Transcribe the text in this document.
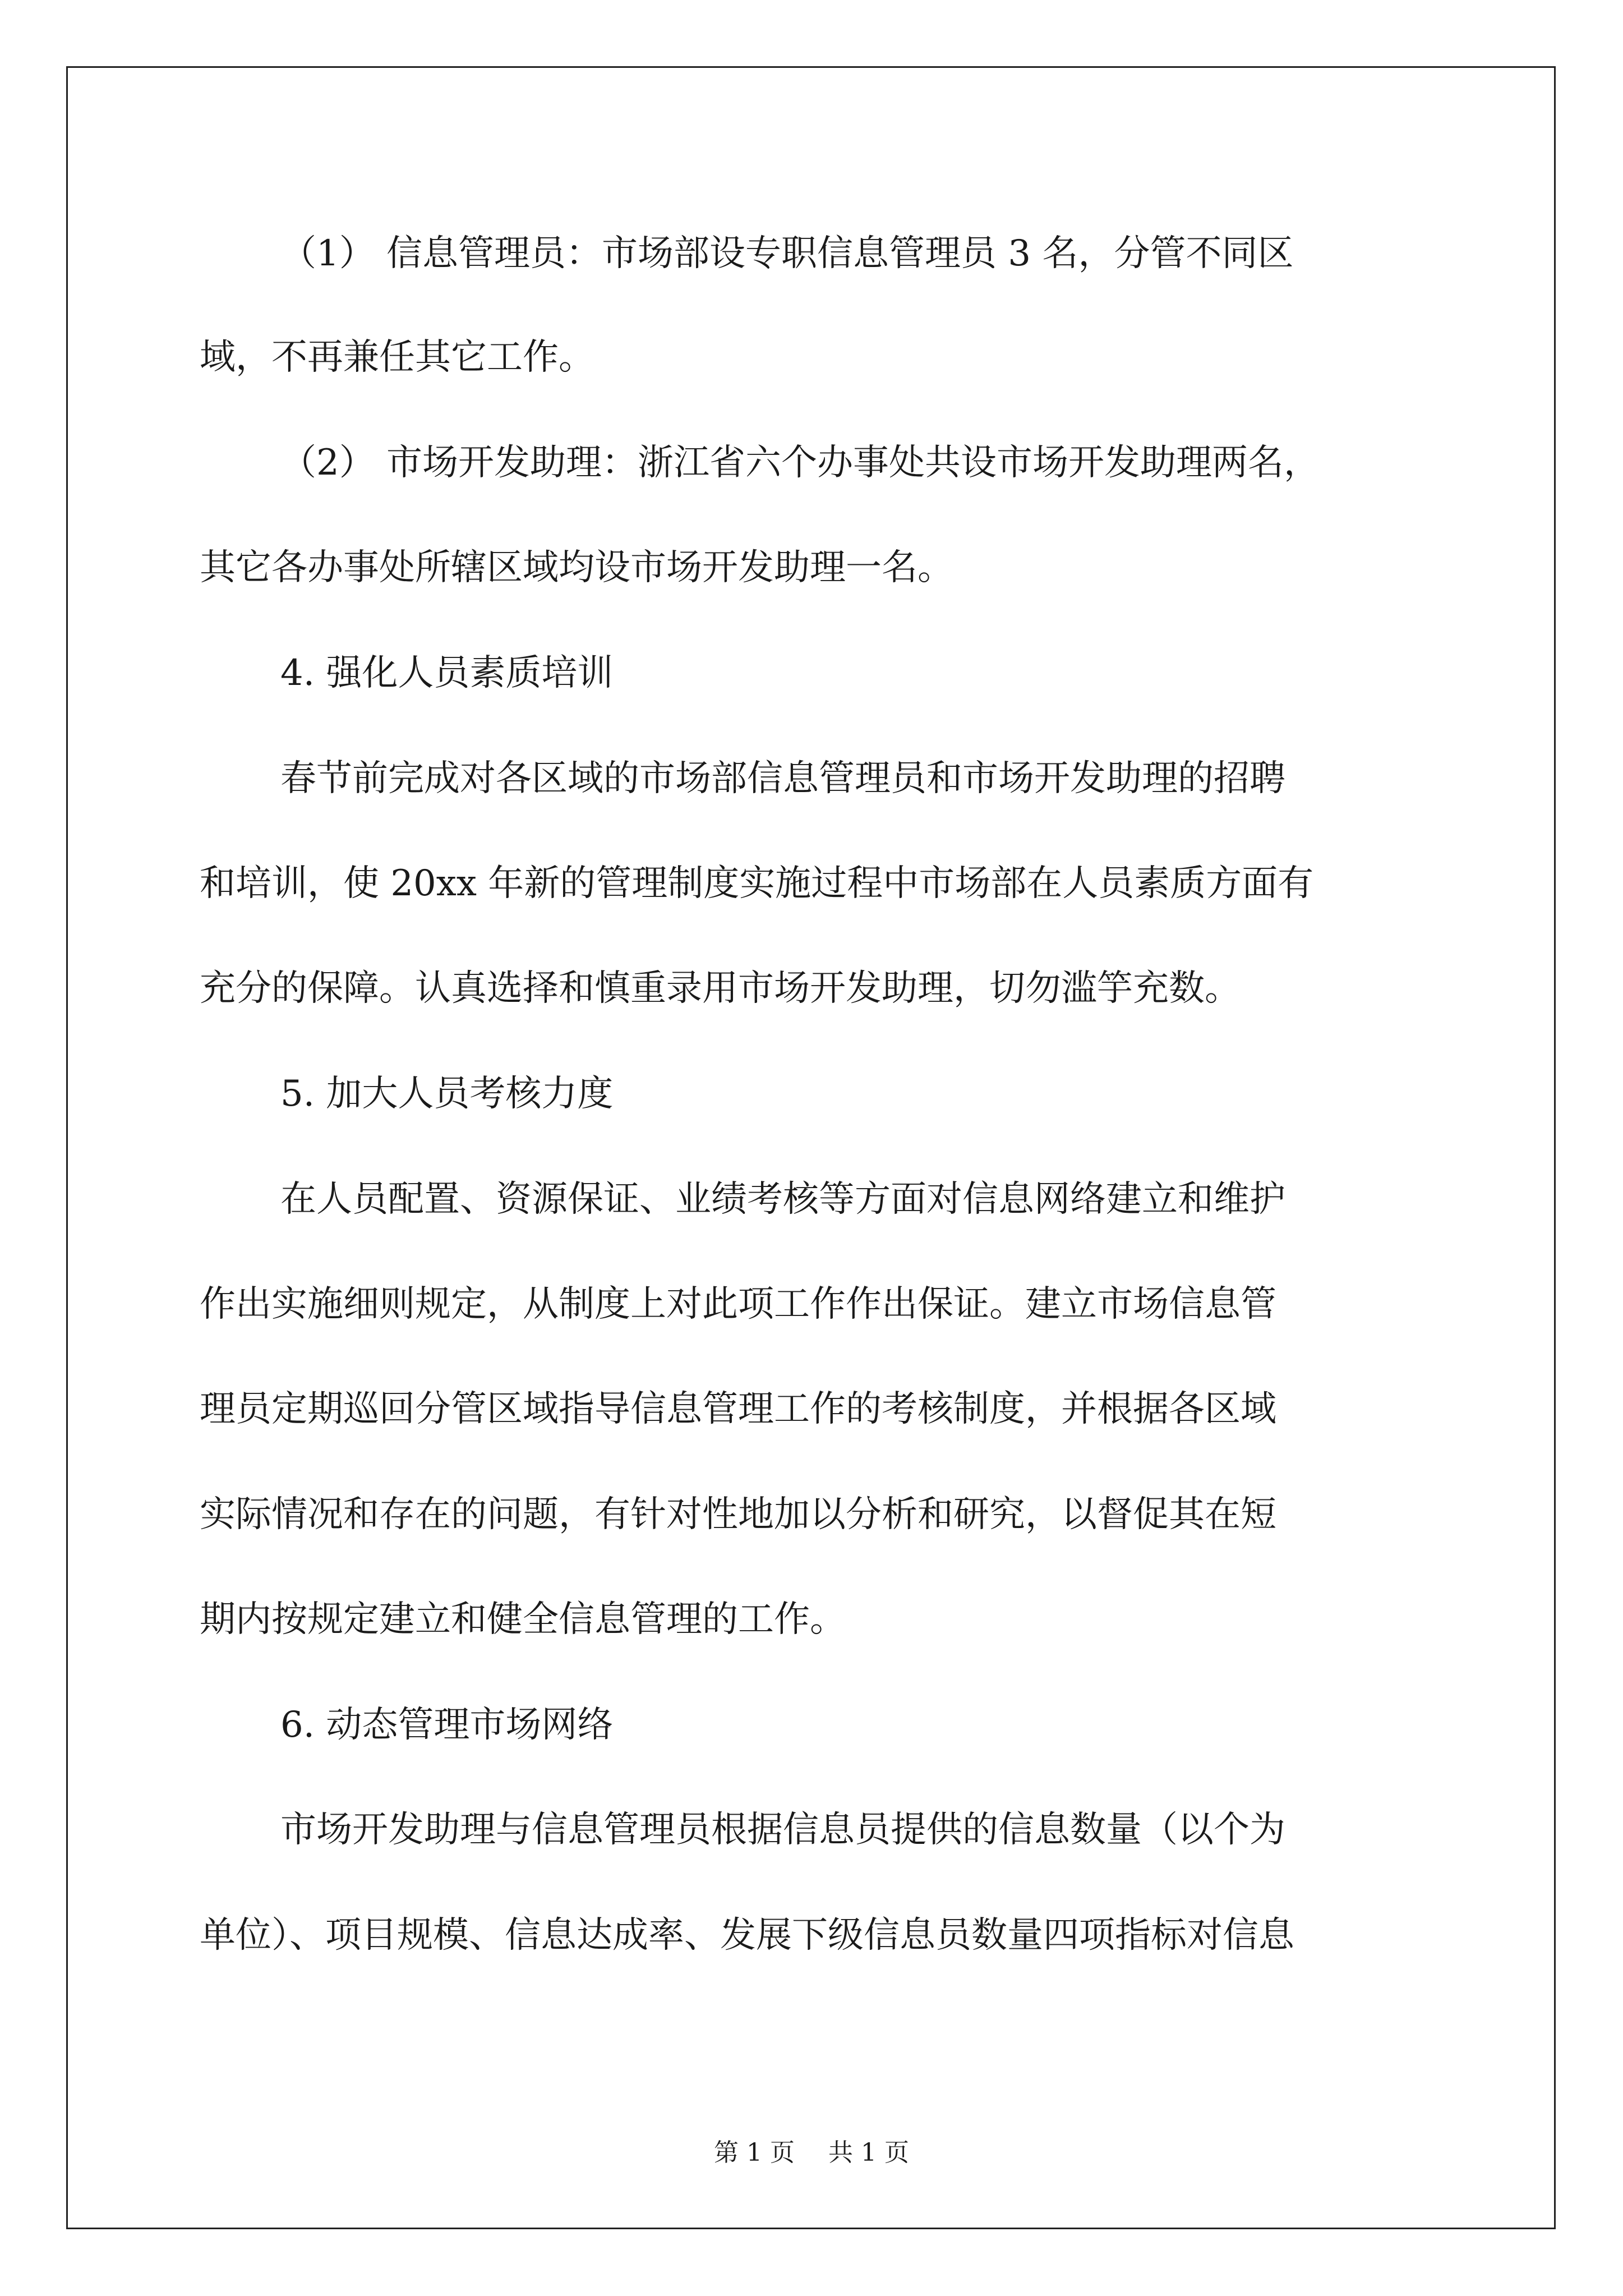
（1） 信息管理员：市场部设专职信息管理员 3 名，分管不同区
域，不再兼任其它工作。
（2） 市场开发助理：浙江省六个办事处共设市场开发助理两名，
其它各办事处所辖区域均设市场开发助理一名。
4. 强化人员素质培训
春节前完成对各区域的市场部信息管理员和市场开发助理的招聘
和培训，使 20xx 年新的管理制度实施过程中市场部在人员素质方面有
充分的保障。认真选择和慎重录用市场开发助理，切勿滥竽充数。
5. 加大人员考核力度
在人员配置、资源保证、业绩考核等方面对信息网络建立和维护
作出实施细则规定，从制度上对此项工作作出保证。建立市场信息管
理员定期巡回分管区域指导信息管理工作的考核制度，并根据各区域
实际情况和存在的问题，有针对性地加以分析和研究，以督促其在短
期内按规定建立和健全信息管理的工作。
6. 动态管理市场网络
市场开发助理与信息管理员根据信息员提供的信息数量（以个为
单位）、项目规模、信息达成率、发展下级信息员数量四项指标对信息
第 1 页 共 1 页
